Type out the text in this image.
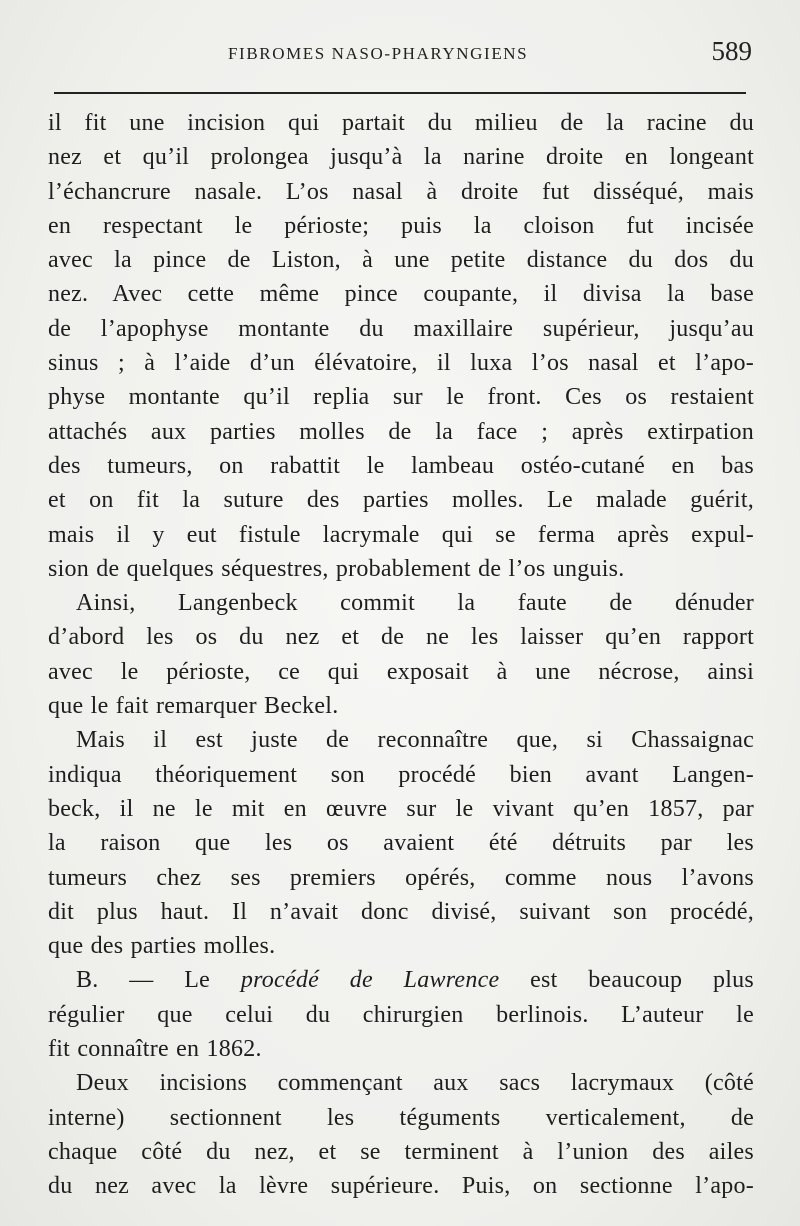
FIBROMES NASO-PHARYNGIENS	589
il fit une incision qui partait du milieu de la racine du
nez et qu’il prolongea jusqu’à la narine droite en longeant
l’échancrure nasale. L’os nasal à droite fut disséqué, mais
en respectant le périoste; puis la cloison fut incisée
avec la pince de Liston, à une petite distance du dos du
nez. Avec cette même pince coupante, il divisa la base
de l’apophyse montante du maxillaire supérieur, jusqu’au
sinus ; à l’aide d’un élévatoire, il luxa l’os nasal et l’apo-
physe montante qu’il replia sur le front. Ces os restaient
attachés aux parties molles de la face ; après extirpation
des tumeurs, on rabattit le lambeau ostéo-cutané en bas
et on fit la suture des parties molles. Le malade guérit,
mais il y eut fistule lacrymale qui se ferma après expul-
sion de quelques séquestres, probablement de l’os unguis.
Ainsi, Langenbeck commit la faute de dénuder
d’abord les os du nez et de ne les laisser qu’en rapport
avec le périoste, ce qui exposait à une nécrose, ainsi
que le fait remarquer Beckel.
Mais il est juste de reconnaître que, si Chassaignac
indiqua théoriquement son procédé bien avant Langen-
beck, il ne le mit en œuvre sur le vivant qu’en 1857, par
la raison que les os avaient été détruits par les
tumeurs chez ses premiers opérés, comme nous l’avons
dit plus haut. Il n’avait donc divisé, suivant son procédé,
que des parties molles.
B. — Le procédé de Lawrence est beaucoup plus
régulier que celui du chirurgien berlinois. L’auteur le
fit connaître en 1862.
Deux incisions commençant aux sacs lacrymaux (côté
interne) sectionnent les téguments verticalement, de
chaque côté du nez, et se terminent à l’union des ailes
du nez avec la lèvre supérieure. Puis, on sectionne l’apo-
